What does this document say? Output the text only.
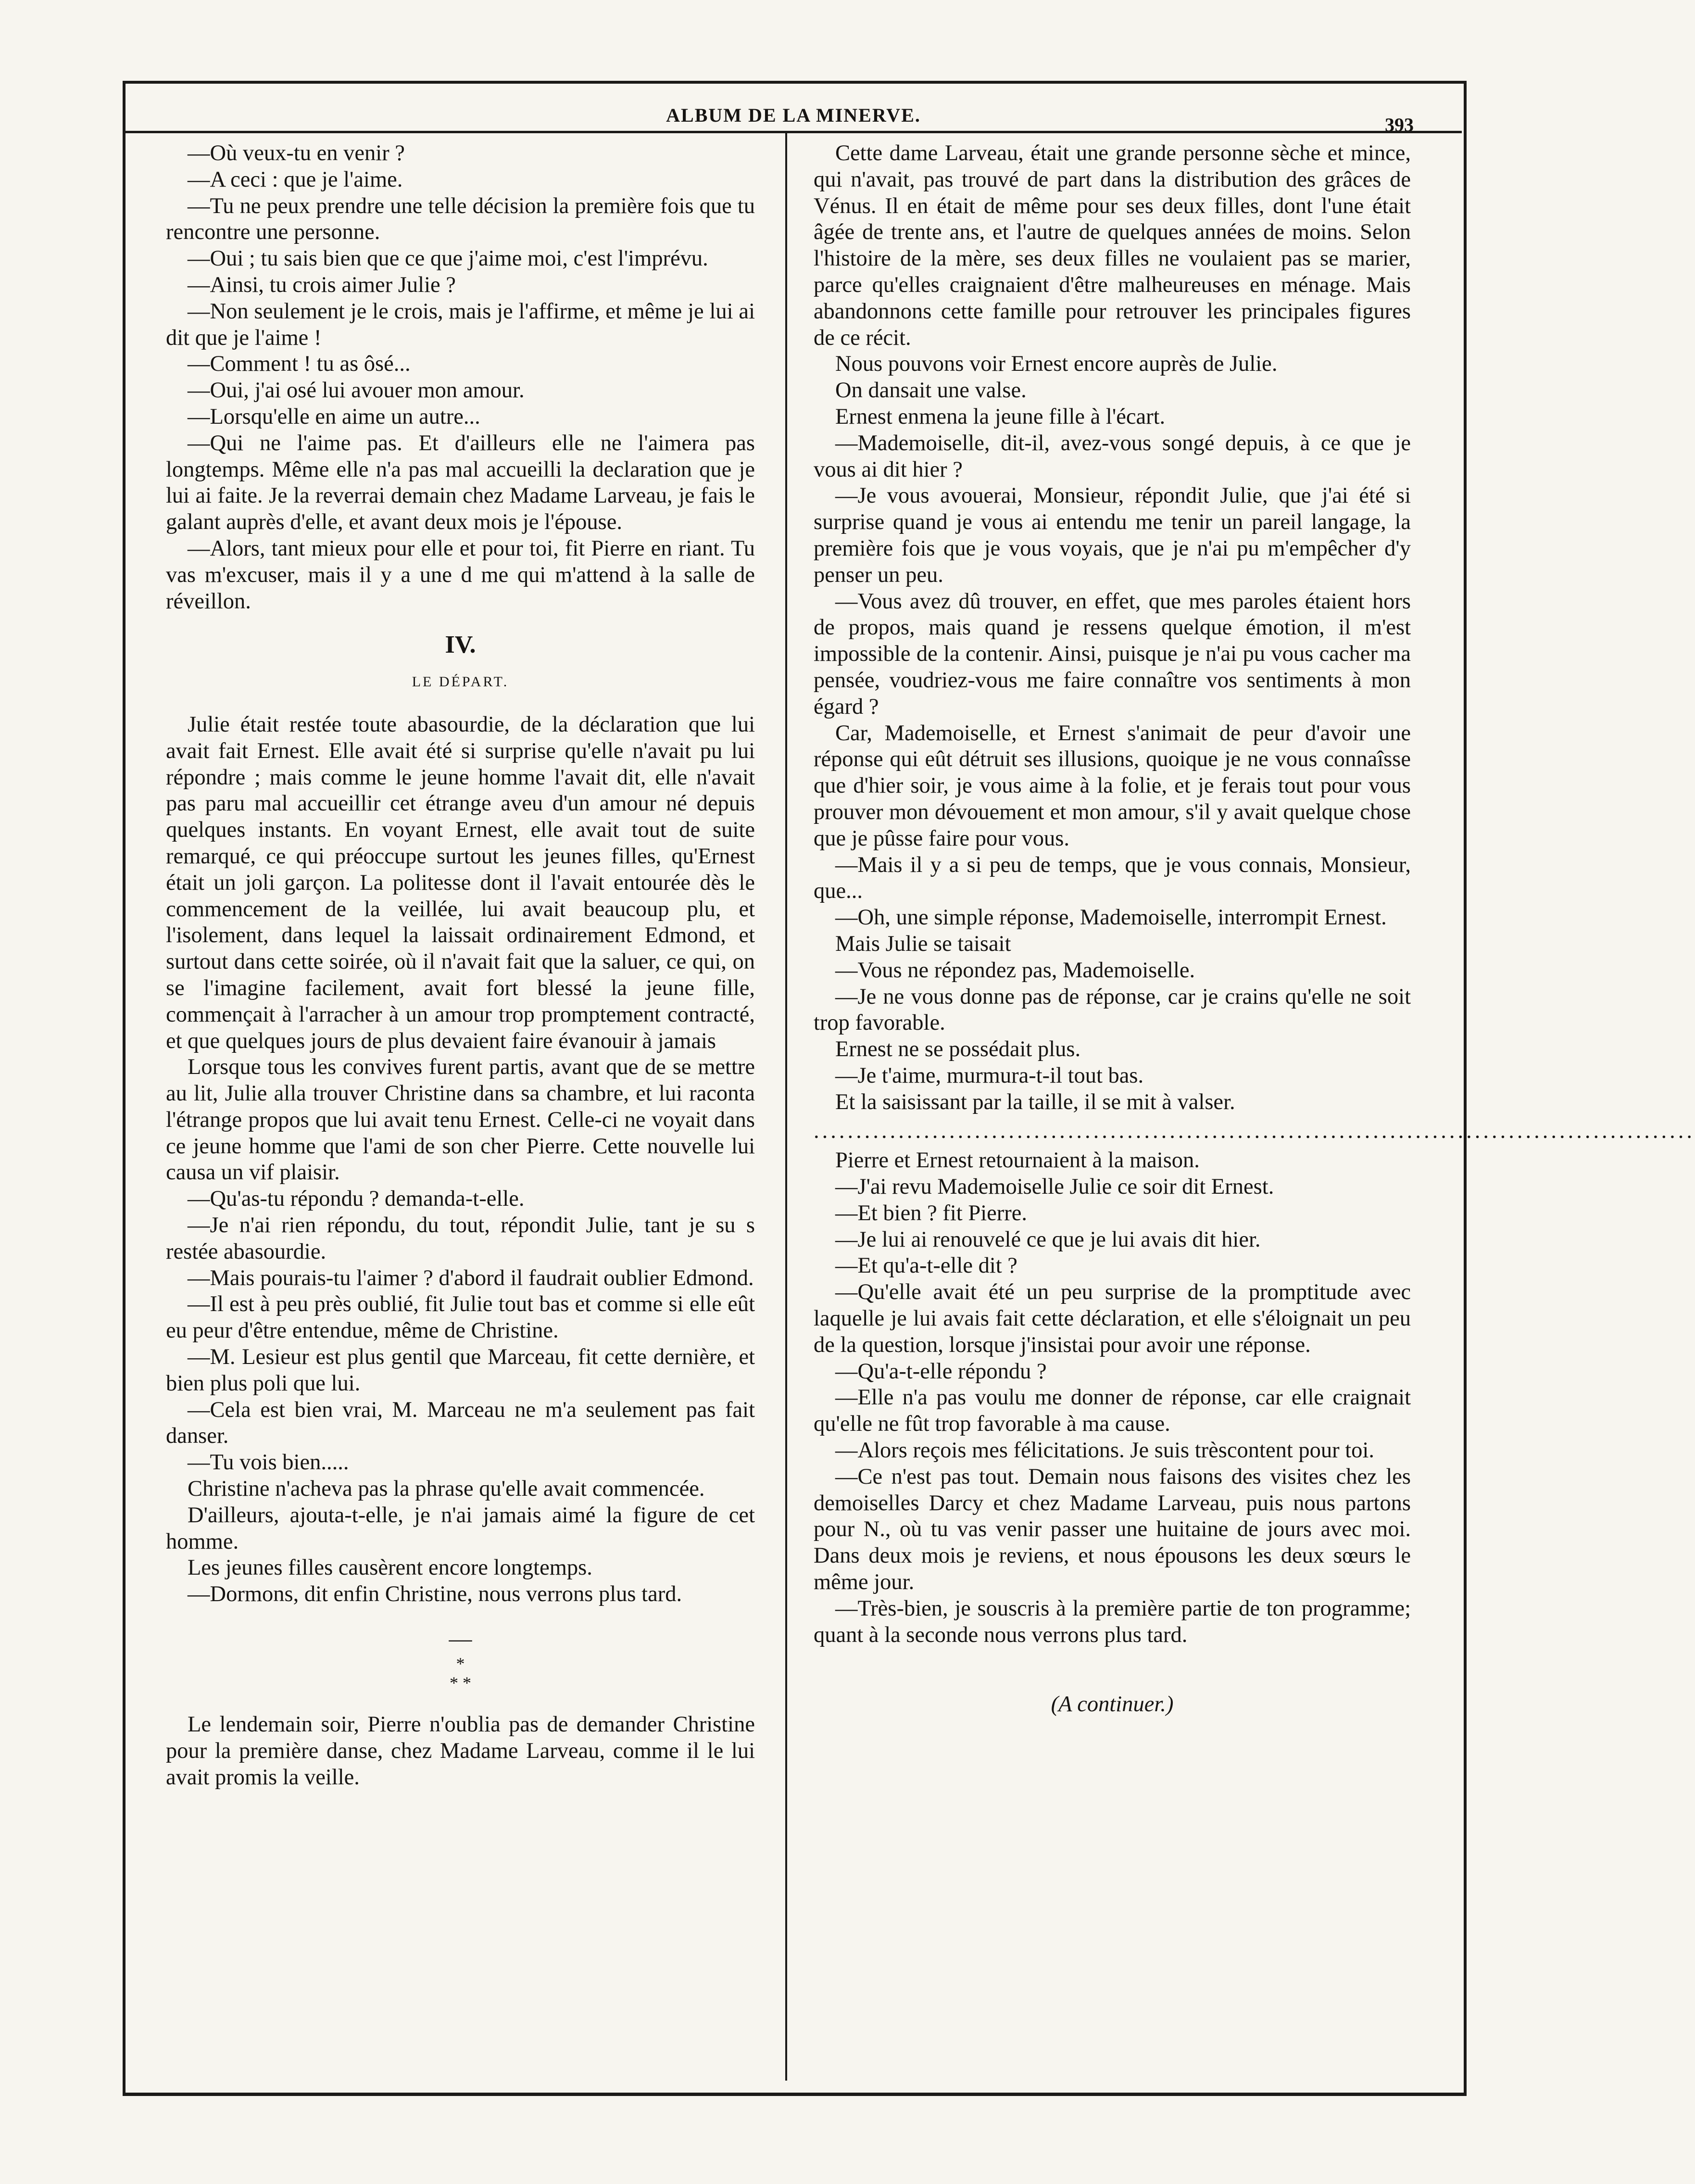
ALBUM DE LA MINERVE.	393

—Où veux-tu en venir ?

—A ceci : que je l'aime.

—Tu ne peux prendre une telle décision la première fois que tu rencontre une personne.

—Oui ; tu sais bien que ce que j'aime moi, c'est l'imprévu.

—Ainsi, tu crois aimer Julie ?

—Non seulement je le crois, mais je l'affirme, et même je lui ai dit que je l'aime !

—Comment ! tu as ôsé...

—Oui, j'ai osé lui avouer mon amour.

—Lorsqu'elle en aime un autre...

—Qui ne l'aime pas. Et d'ailleurs elle ne l'aimera pas longtemps. Même elle n'a pas mal accueilli la declaration que je lui ai faite. Je la reverrai demain chez Madame Larveau, je fais le galant auprès d'elle, et avant deux mois je l'épouse.

—Alors, tant mieux pour elle et pour toi, fit Pierre en riant. Tu vas m'excuser, mais il y a une d me qui m'attend à la salle de réveillon.

IV.

LE DÉPART.

Julie était restée toute abasourdie, de la déclaration que lui avait fait Ernest. Elle avait été si surprise qu'elle n'avait pu lui répondre ; mais comme le jeune homme l'avait dit, elle n'avait pas paru mal accueillir cet étrange aveu d'un amour né depuis quelques instants. En voyant Ernest, elle avait tout de suite remarqué, ce qui préoccupe surtout les jeunes filles, qu'Ernest était un joli garçon. La politesse dont il l'avait entourée dès le commencement de la veillée, lui avait beaucoup plu, et l'isolement, dans lequel la laissait ordinairement Edmond, et surtout dans cette soirée, où il n'avait fait que la saluer, ce qui, on se l'imagine facilement, avait fort blessé la jeune fille, commençait à l'arracher à un amour trop promptement contracté, et que quelques jours de plus devaient faire évanouir à jamais

Lorsque tous les convives furent partis, avant que de se mettre au lit, Julie alla trouver Christine dans sa chambre, et lui raconta l'étrange propos que lui avait tenu Ernest. Celle-ci ne voyait dans ce jeune homme que l'ami de son cher Pierre. Cette nouvelle lui causa un vif plaisir.

—Qu'as-tu répondu ? demanda-t-elle.

—Je n'ai rien répondu, du tout, répondit Julie, tant je su s restée abasourdie.

—Mais pourais-tu l'aimer ? d'abord il faudrait oublier Edmond.

—Il est à peu près oublié, fit Julie tout bas et comme si elle eût eu peur d'être entendue, même de Christine.

—M. Lesieur est plus gentil que Marceau, fit cette dernière, et bien plus poli que lui.

—Cela est bien vrai, M. Marceau ne m'a seulement pas fait danser.

—Tu vois bien.....

Christine n'acheva pas la phrase qu'elle avait commencée.

D'ailleurs, ajouta-t-elle, je n'ai jamais aimé la figure de cet homme.

Les jeunes filles causèrent encore longtemps.

—Dormons, dit enfin Christine, nous verrons plus tard.

—
*
* *

Le lendemain soir, Pierre n'oublia pas de demander Christine pour la première danse, chez Madame Larveau, comme il le lui avait promis la veille.

Cette dame Larveau, était une grande personne sèche et mince, qui n'avait, pas trouvé de part dans la distribution des grâces de Vénus. Il en était de même pour ses deux filles, dont l'une était âgée de trente ans, et l'autre de quelques années de moins. Selon l'histoire de la mère, ses deux filles ne voulaient pas se marier, parce qu'elles craignaient d'être malheureuses en ménage. Mais abandonnons cette famille pour retrouver les principales figures de ce récit.

Nous pouvons voir Ernest encore auprès de Julie.

On dansait une valse.

Ernest enmena la jeune fille à l'écart.

—Mademoiselle, dit-il, avez-vous songé depuis, à ce que je vous ai dit hier ?

—Je vous avouerai, Monsieur, répondit Julie, que j'ai été si surprise quand je vous ai entendu me tenir un pareil langage, la première fois que je vous voyais, que je n'ai pu m'empêcher d'y penser un peu.

—Vous avez dû trouver, en effet, que mes paroles étaient hors de propos, mais quand je ressens quelque émotion, il m'est impossible de la contenir. Ainsi, puisque je n'ai pu vous cacher ma pensée, voudriez-vous me faire connaître vos sentiments à mon égard ?

Car, Mademoiselle, et Ernest s'animait de peur d'avoir une réponse qui eût détruit ses illusions, quoique je ne vous connaîsse que d'hier soir, je vous aime à la folie, et je ferais tout pour vous prouver mon dévouement et mon amour, s'il y avait quelque chose que je pûsse faire pour vous.

—Mais il y a si peu de temps, que je vous connais, Monsieur, que...

—Oh, une simple réponse, Mademoiselle, interrompit Ernest.

Mais Julie se taisait

—Vous ne répondez pas, Mademoiselle.

—Je ne vous donne pas de réponse, car je crains qu'elle ne soit trop favorable.

Ernest ne se possédait plus.

—Je t'aime, murmura-t-il tout bas.

Et la saisissant par la taille, il se mit à valser.

........................................................................................................

Pierre et Ernest retournaient à la maison.

—J'ai revu Mademoiselle Julie ce soir dit Ernest.

—Et bien ? fit Pierre.

—Je lui ai renouvelé ce que je lui avais dit hier.

—Et qu'a-t-elle dit ?

—Qu'elle avait été un peu surprise de la promptitude avec laquelle je lui avais fait cette déclaration, et elle s'éloignait un peu de la question, lorsque j'insistai pour avoir une réponse.

—Qu'a-t-elle répondu ?

—Elle n'a pas voulu me donner de réponse, car elle craignait qu'elle ne fût trop favorable à ma cause.

—Alors reçois mes félicitations. Je suis trèscontent pour toi.

—Ce n'est pas tout. Demain nous faisons des visites chez les demoiselles Darcy et chez Madame Larveau, puis nous partons pour N., où tu vas venir passer une huitaine de jours avec moi. Dans deux mois je reviens, et nous épousons les deux sœurs le même jour.

—Très-bien, je souscris à la première partie de ton programme; quant à la seconde nous verrons plus tard.

(A continuer.)
